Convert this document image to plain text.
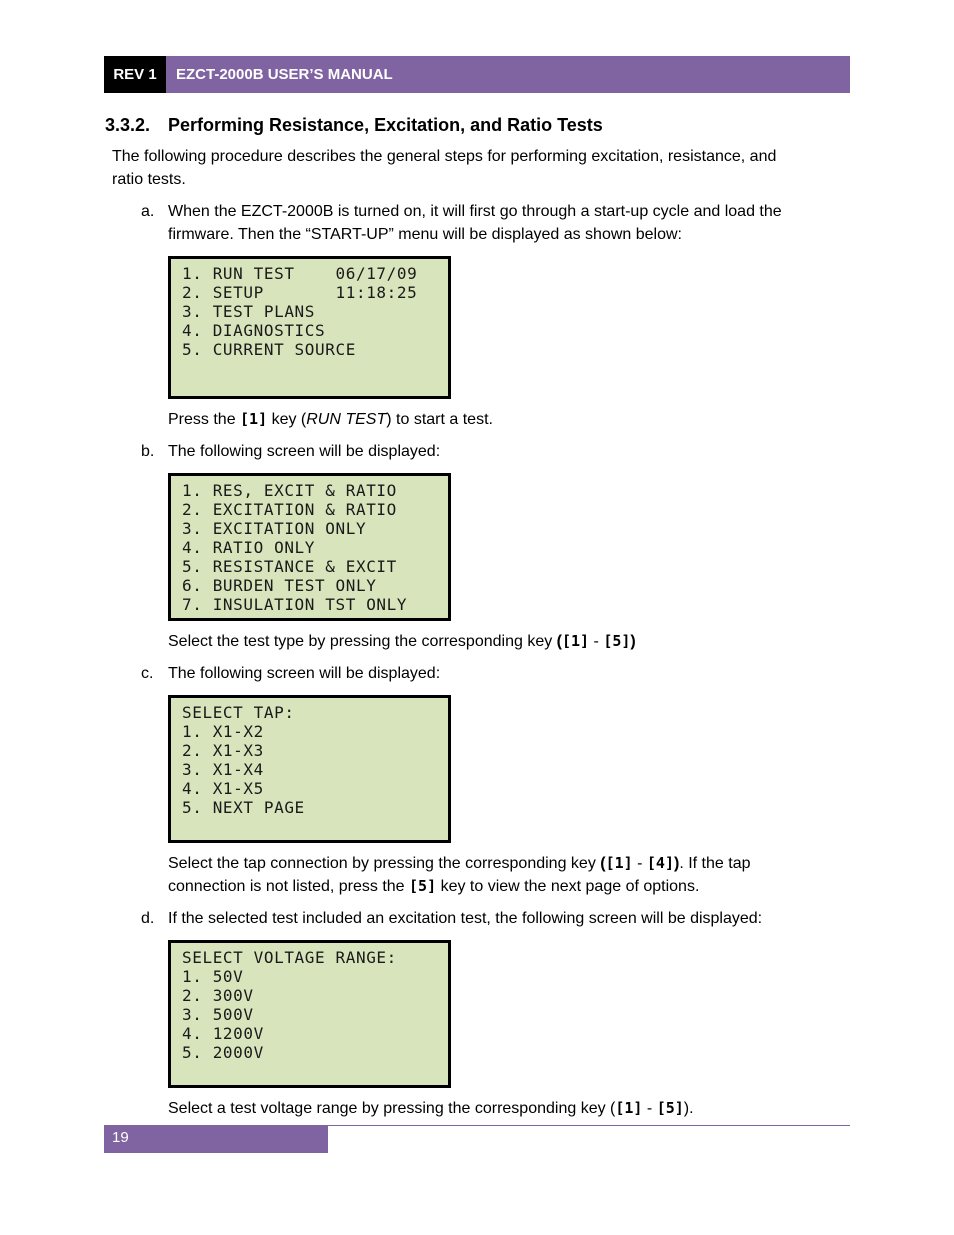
REV 1	EZCT-2000B USER’S MANUAL
3.3.2. Performing Resistance, Excitation, and Ratio Tests
The following procedure describes the general steps for performing excitation, resistance, and
ratio tests.
a. When the EZCT-2000B is turned on, it will first go through a start-up cycle and load the
firmware. Then the “START-UP” menu will be displayed as shown below:
1. RUN TEST    06/17/09
2. SETUP       11:18:25
3. TEST PLANS
4. DIAGNOSTICS
5. CURRENT SOURCE
Press the [1] key (RUN TEST) to start a test.
b. The following screen will be displayed:
1. RES, EXCIT & RATIO
2. EXCITATION & RATIO
3. EXCITATION ONLY
4. RATIO ONLY
5. RESISTANCE & EXCIT
6. BURDEN TEST ONLY
7. INSULATION TST ONLY
Select the test type by pressing the corresponding key ([1] - [5])
c. The following screen will be displayed:
SELECT TAP:
1. X1-X2
2. X1-X3
3. X1-X4
4. X1-X5
5. NEXT PAGE
Select the tap connection by pressing the corresponding key ([1] - [4]). If the tap
connection is not listed, press the [5] key to view the next page of options.
d. If the selected test included an excitation test, the following screen will be displayed:
SELECT VOLTAGE RANGE:
1. 50V
2. 300V
3. 500V
4. 1200V
5. 2000V
Select a test voltage range by pressing the corresponding key ([1] - [5]).
19
